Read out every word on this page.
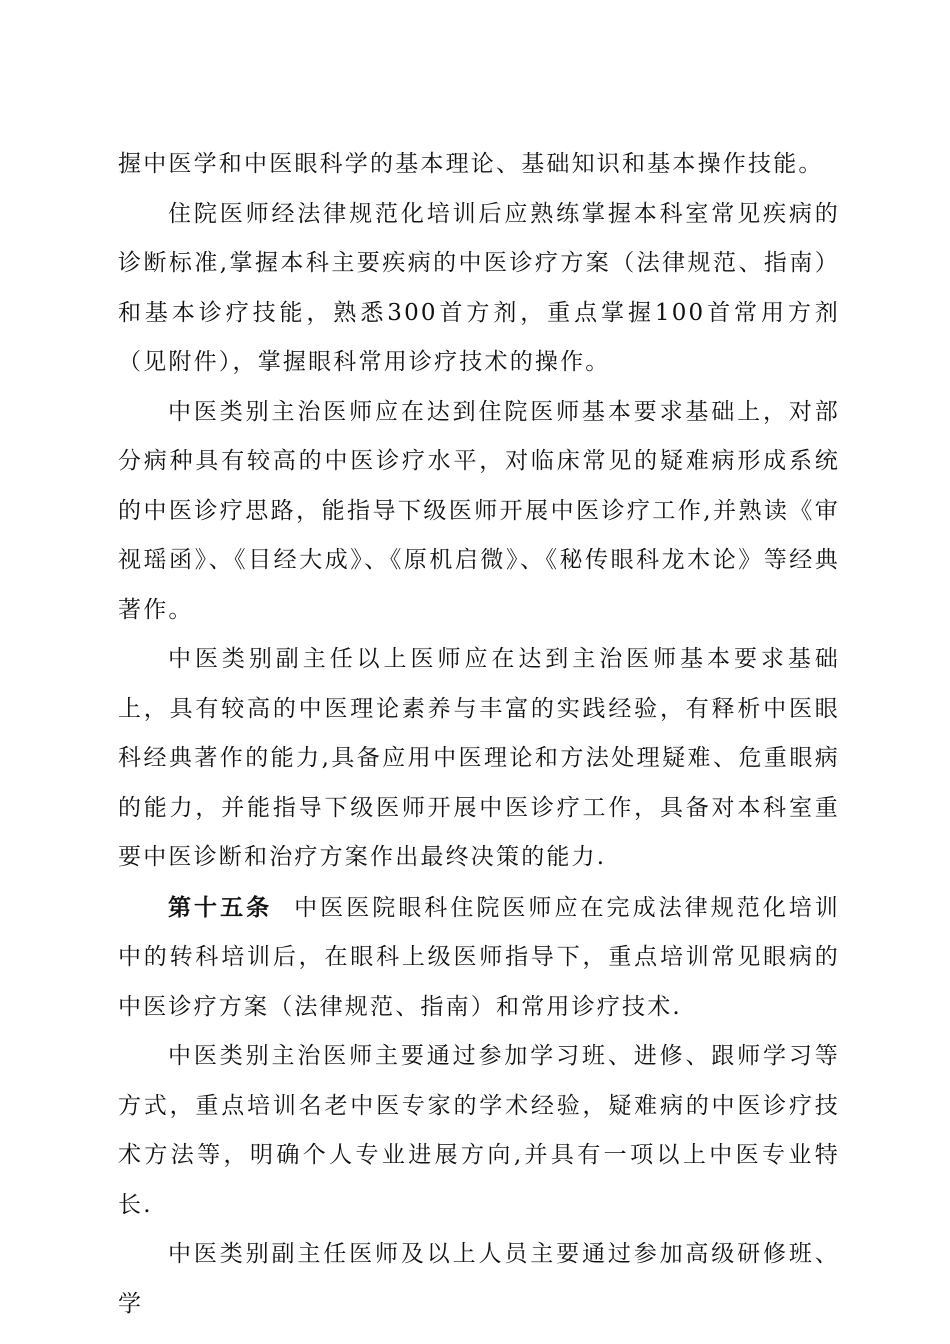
握中医学和中医眼科学的基本理论、基础知识和基本操作技能。

住院医师经法律规范化培训后应熟练掌握本科室常见疾病的诊断标准,掌握本科主要疾病的中医诊疗方案（法律规范、指南）和基本诊疗技能，熟悉300首方剂，重点掌握100首常用方剂（见附件），掌握眼科常用诊疗技术的操作。

中医类别主治医师应在达到住院医师基本要求基础上，对部分病种具有较高的中医诊疗水平，对临床常见的疑难病形成系统的中医诊疗思路，能指导下级医师开展中医诊疗工作,并熟读《审视瑶函》、《目经大成》、《原机启微》、《秘传眼科龙木论》等经典著作。

中医类别副主任以上医师应在达到主治医师基本要求基础上，具有较高的中医理论素养与丰富的实践经验，有释析中医眼科经典著作的能力,具备应用中医理论和方法处理疑难、危重眼病的能力，并能指导下级医师开展中医诊疗工作，具备对本科室重要中医诊断和治疗方案作出最终决策的能力.

第十五条 中医医院眼科住院医师应在完成法律规范化培训中的转科培训后，在眼科上级医师指导下，重点培训常见眼病的中医诊疗方案（法律规范、指南）和常用诊疗技术.

中医类别主治医师主要通过参加学习班、进修、跟师学习等方式，重点培训名老中医专家的学术经验，疑难病的中医诊疗技术方法等，明确个人专业进展方向,并具有一项以上中医专业特长.

中医类别副主任医师及以上人员主要通过参加高级研修班、学
